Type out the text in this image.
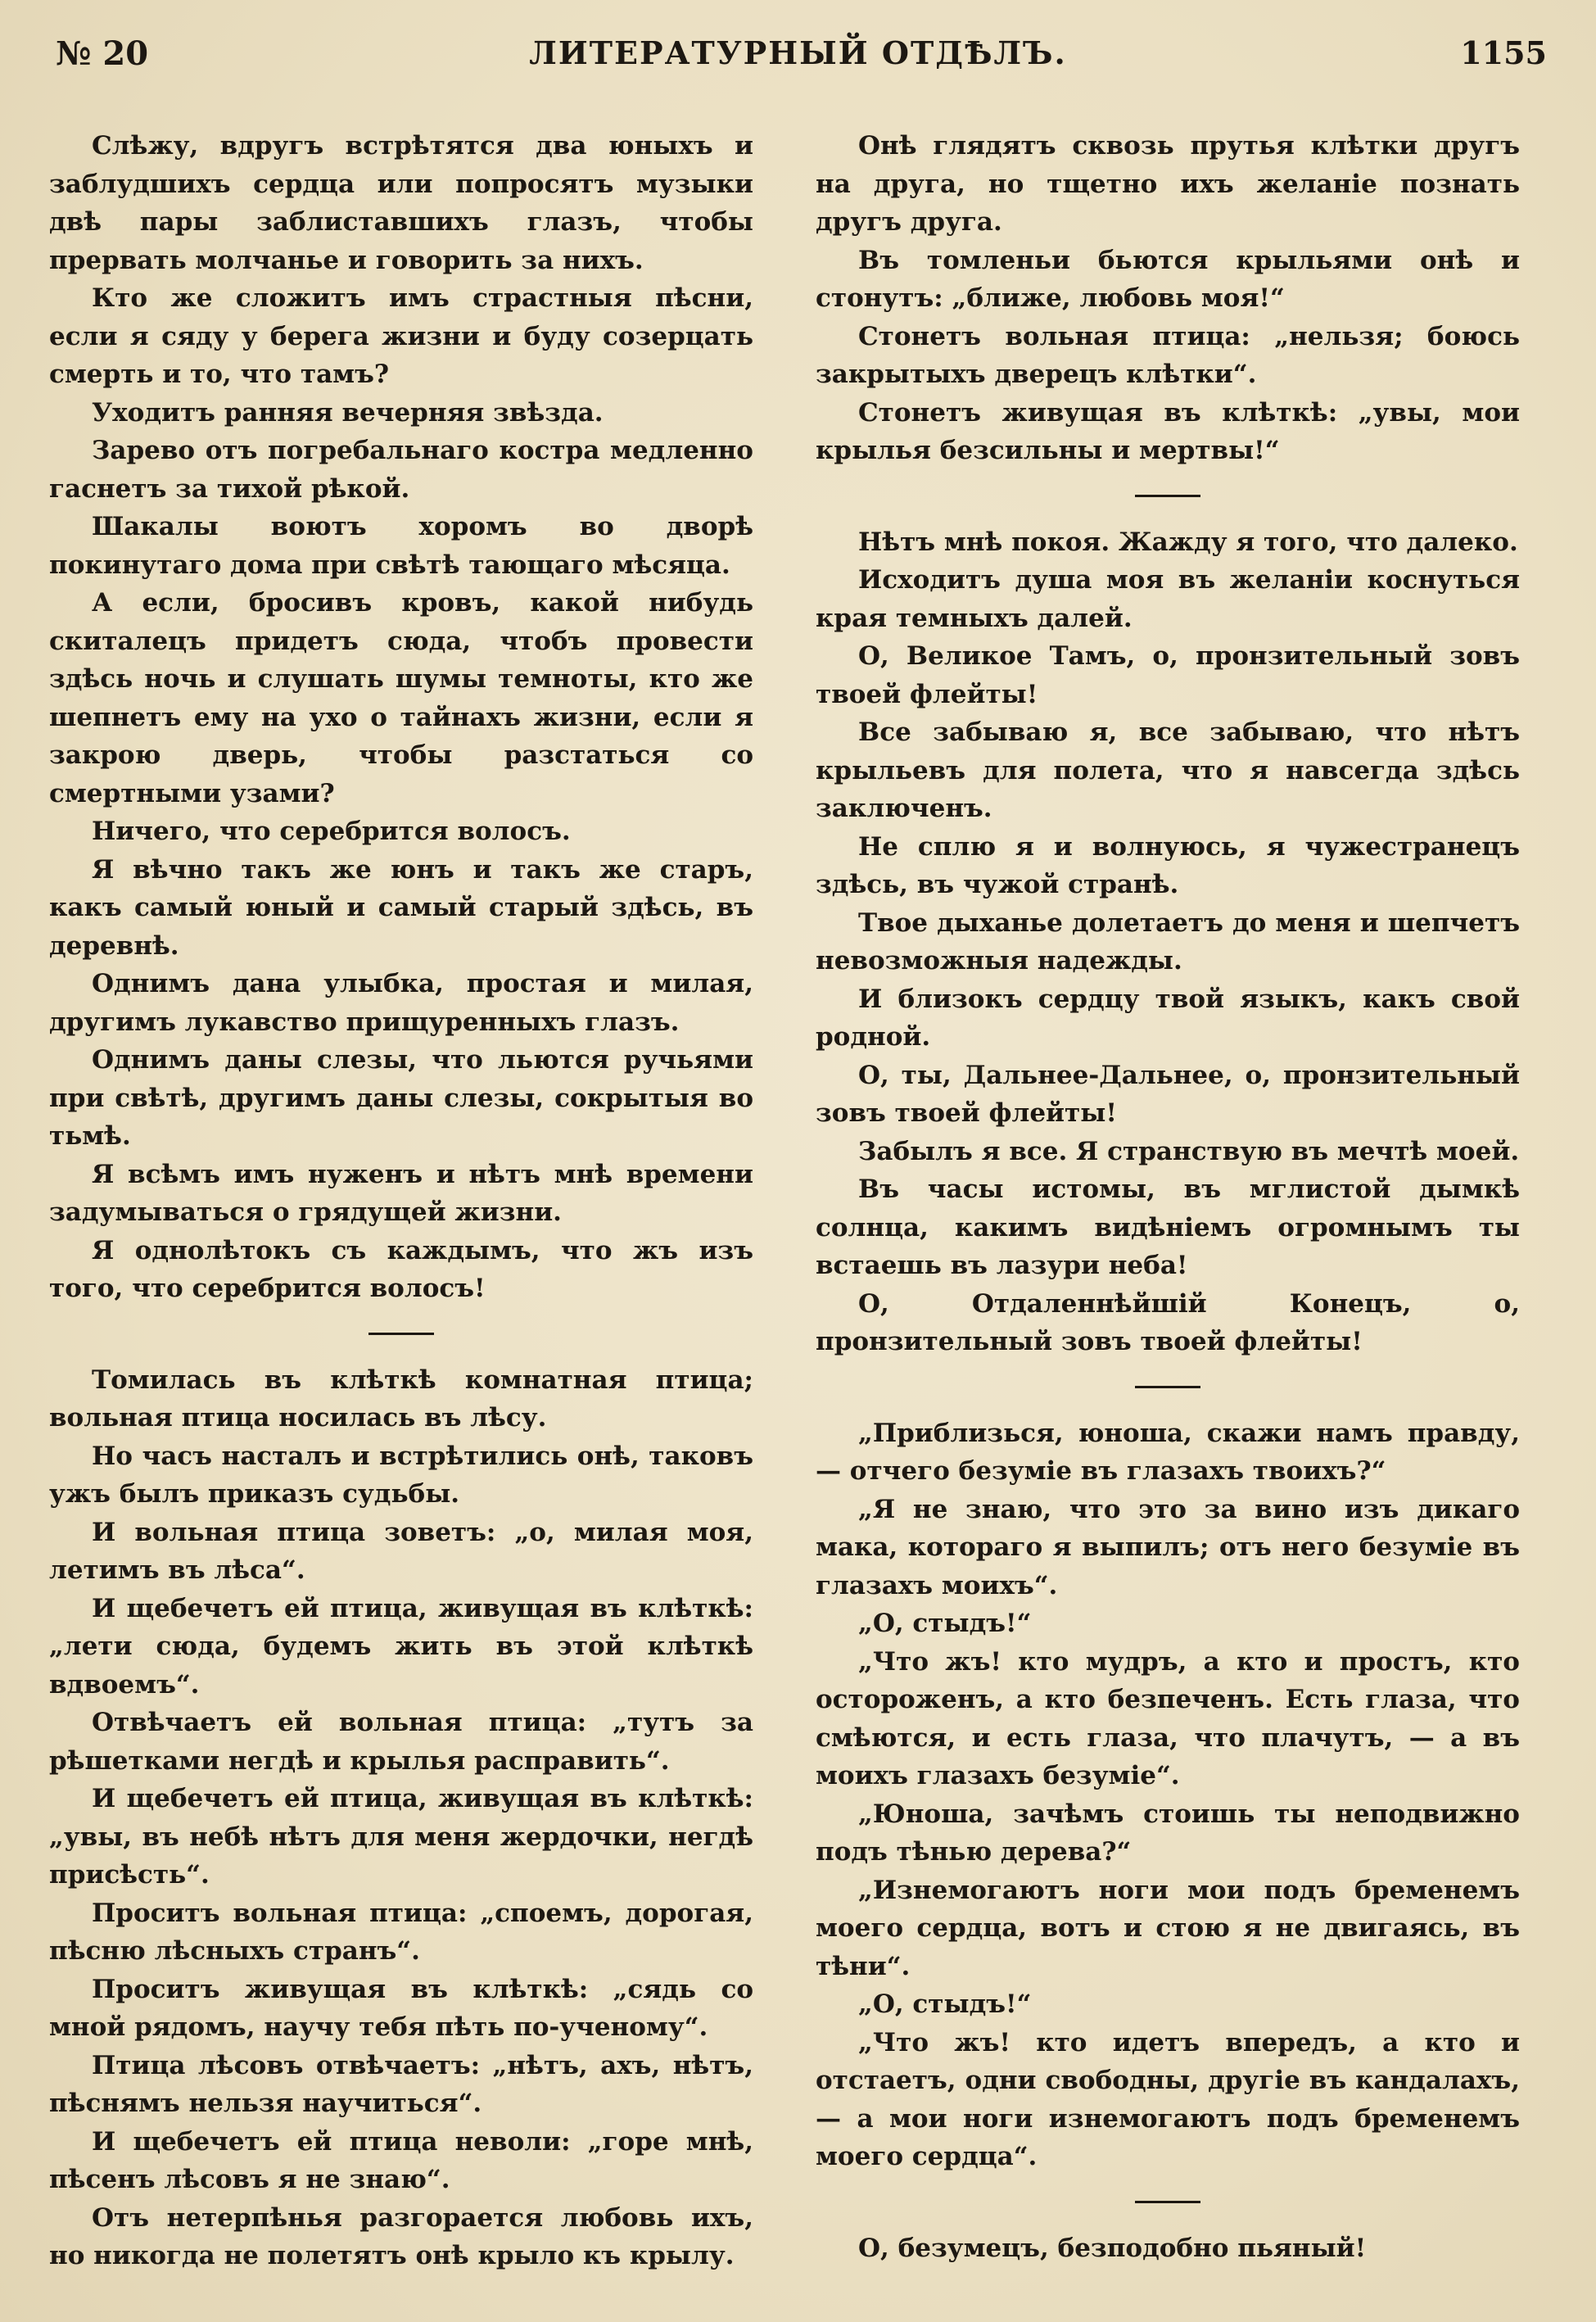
№ 20	ЛИТЕРАТУРНЫЙ ОТДѢЛЪ.	1155

Слѣжу, вдругъ встрѣтятся два юныхъ и заблудшихъ сердца или попросятъ музыки двѣ пары заблиставшихъ глазъ, чтобы прервать молчанье и говорить за нихъ.

Кто же сложитъ имъ страстныя пѣсни, если я сяду у берега жизни и буду созерцать смерть и то, что тамъ?

Уходитъ ранняя вечерняя звѣзда.

Зарево отъ погребальнаго костра медленно гаснетъ за тихой рѣкой.

Шакалы воютъ хоромъ во дворѣ покинутаго дома при свѣтѣ тающаго мѣсяца.

А если, бросивъ кровъ, какой нибудь скиталецъ придетъ сюда, чтобъ провести здѣсь ночь и слушать шумы темноты, кто же шепнетъ ему на ухо о тайнахъ жизни, если я закрою дверь, чтобы разстаться со смертными узами?

Ничего, что серебрится волосъ.

Я вѣчно такъ же юнъ и такъ же старъ, какъ самый юный и самый старый здѣсь, въ деревнѣ.

Однимъ дана улыбка, простая и милая, другимъ лукавство прищуренныхъ глазъ.

Однимъ даны слезы, что льются ручьями при свѣтѣ, другимъ даны слезы, сокрытыя во тьмѣ.

Я всѣмъ имъ нуженъ и нѣтъ мнѣ времени задумываться о грядущей жизни.

Я однолѣтокъ съ каждымъ, что жъ изъ того, что серебрится волосъ!

Томилась въ клѣткѣ комнатная птица; вольная птица носилась въ лѣсу.

Но часъ насталъ и встрѣтились онѣ, таковъ ужъ былъ приказъ судьбы.

И вольная птица зоветъ: „о, милая моя, летимъ въ лѣса“.

И щебечетъ ей птица, живущая въ клѣткѣ: „лети сюда, будемъ жить въ этой клѣткѣ вдвоемъ“.

Отвѣчаетъ ей вольная птица: „тутъ за рѣшетками негдѣ и крылья расправить“.

И щебечетъ ей птица, живущая въ клѣткѣ: „увы, въ небѣ нѣтъ для меня жердочки, негдѣ присѣсть“.

Проситъ вольная птица: „споемъ, дорогая, пѣсню лѣсныхъ странъ“.

Проситъ живущая въ клѣткѣ: „сядь со мной рядомъ, научу тебя пѣть по-ученому“.

Птица лѣсовъ отвѣчаетъ: „нѣтъ, ахъ, нѣтъ, пѣснямъ нельзя научиться“.

И щебечетъ ей птица неволи: „горе мнѣ, пѣсенъ лѣсовъ я не знаю“.

Отъ нетерпѣнья разгорается любовь ихъ, но никогда не полетятъ онѣ крыло къ крылу.

Онѣ глядятъ сквозь прутья клѣтки другъ на друга, но тщетно ихъ желаніе познать другъ друга.

Въ томленьи бьются крыльями онѣ и стонутъ: „ближе, любовь моя!“

Стонетъ вольная птица: „нельзя; боюсь закрытыхъ дверецъ клѣтки“.

Стонетъ живущая въ клѣткѣ: „увы, мои крылья безсильны и мертвы!“

Нѣтъ мнѣ покоя. Жажду я того, что далеко.

Исходитъ душа моя въ желаніи коснуться края темныхъ далей.

О, Великое Тамъ, о, пронзительный зовъ твоей флейты!

Все забываю я, все забываю, что нѣтъ крыльевъ для полета, что я навсегда здѣсь заключенъ.

Не сплю я и волнуюсь, я чужестранецъ здѣсь, въ чужой странѣ.

Твое дыханье долетаетъ до меня и шепчетъ невозможныя надежды.

И близокъ сердцу твой языкъ, какъ свой родной.

О, ты, Дальнее-Дальнее, о, пронзительный зовъ твоей флейты!

Забылъ я все. Я странствую въ мечтѣ моей.

Въ часы истомы, въ мглистой дымкѣ солнца, какимъ видѣніемъ огромнымъ ты встаешь въ лазури неба!

О, Отдаленнѣйшій Конецъ, о, пронзительный зовъ твоей флейты!

„Приблизься, юноша, скажи намъ правду,— отчего безуміе въ глазахъ твоихъ?“

„Я не знаю, что это за вино изъ дикаго мака, котораго я выпилъ; отъ него безуміе въ глазахъ моихъ“.

„О, стыдъ!“

„Что жъ! кто мудръ, а кто и простъ, кто остороженъ, а кто безпеченъ. Есть глаза, что смѣются, и есть глаза, что плачутъ, — а въ моихъ глазахъ безуміе“.

„Юноша, зачѣмъ стоишь ты неподвижно подъ тѣнью дерева?“

„Изнемогаютъ ноги мои подъ бременемъ моего сердца, вотъ и стою я не двигаясь, въ тѣни“.

„О, стыдъ!“

„Что жъ! кто идетъ впередъ, а кто и отстаетъ, одни свободны, другіе въ кандалахъ,— а мои ноги изнемогаютъ подъ бременемъ моего сердца“.

О, безумецъ, безподобно пьяный!
